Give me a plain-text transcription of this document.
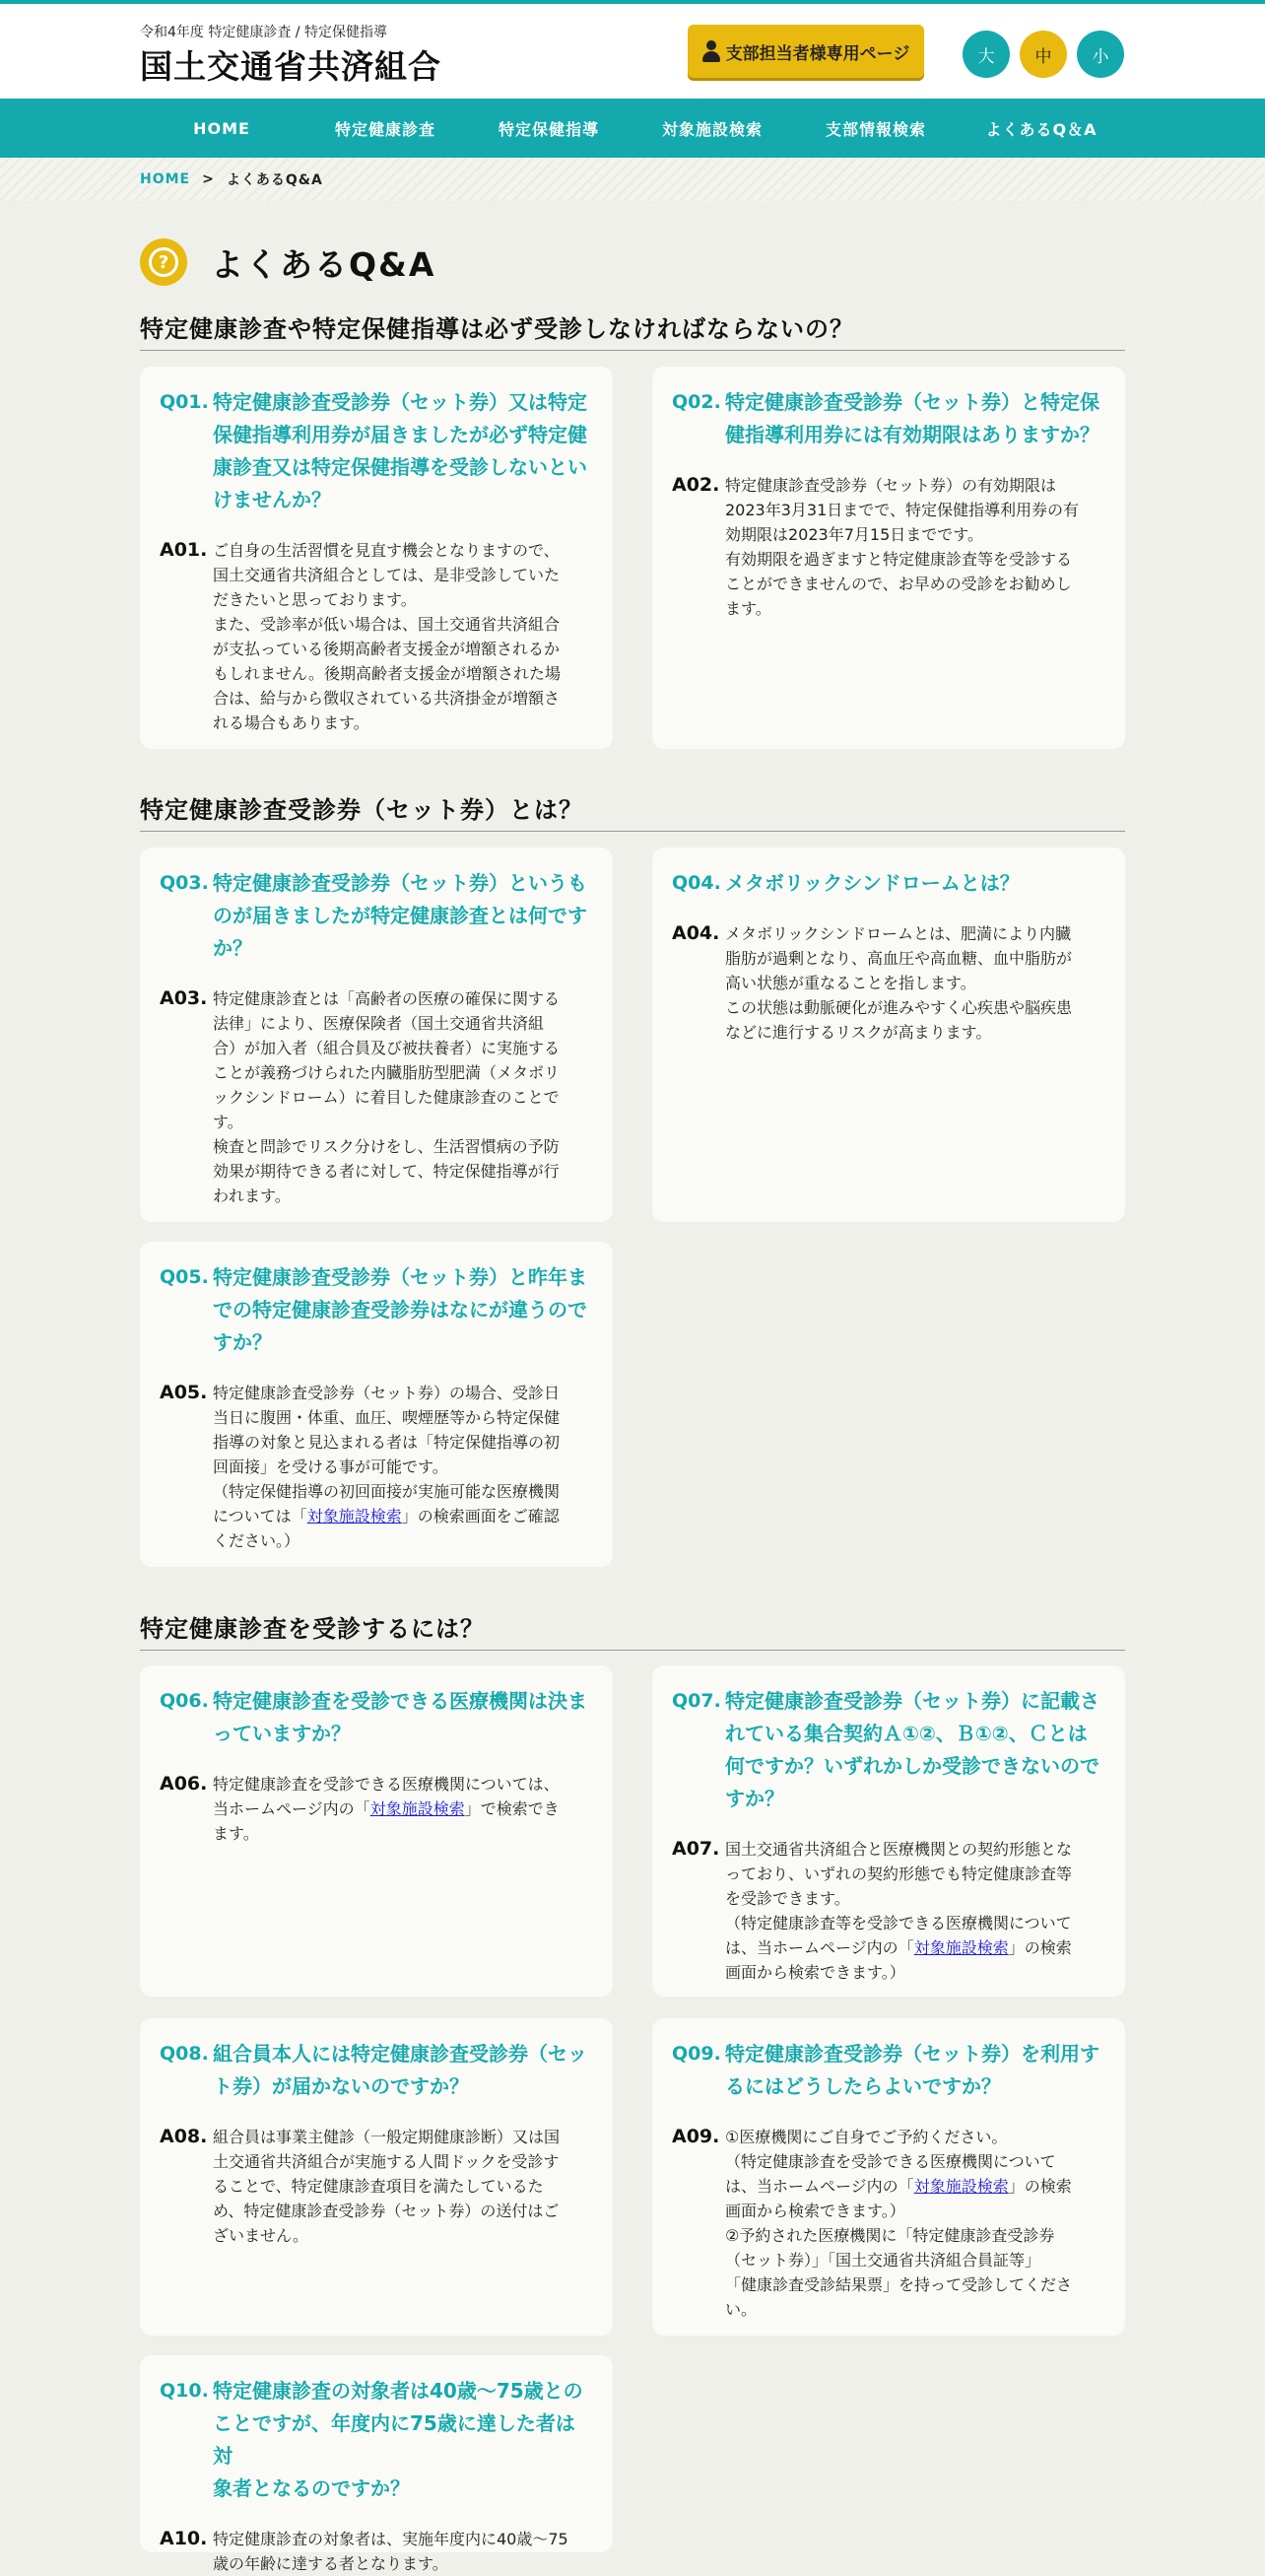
令和4年度 特定健康診査 / 特定保健指導
国土交通省共済組合	支部担当者様専用ページ	大	中	小
HOME	特定健康診査	特定保健指導	対象施設検索	支部情報検索	よくあるQ＆A
HOME > よくあるQ&A
? よくあるQ&A
特定健康診査や特定保健指導は必ず受診しなければならないの？
特定健康診査受診券（セット券）とは？
特定健康診査を受診するには？
Q01. 特定健康診査受診券（セット券）又は特定
保健指導利用券が届きましたが必ず特定健
康診査又は特定保健指導を受診しないとい
けませんか？
A01. ご自身の生活習慣を見直す機会となりますので、

国土交通省共済組合としては、是非受診していた

だきたいと思っております。

また、受診率が低い場合は、国土交通省共済組合

が支払っている後期高齢者支援金が増額されるか

もしれません。後期高齢者支援金が増額された場

合は、給与から徴収されている共済掛金が増額さ

れる場合もあります。

Q02. 特定健康診査受診券（セット券）と特定保
健指導利用券には有効期限はありますか？
A02. 特定健康診査受診券（セット券）の有効期限は

2023年3月31日までで、特定保健指導利用券の有

効期限は2023年7月15日までです。

有効期限を過ぎますと特定健康診査等を受診する

ことができませんので、お早めの受診をお勧めし

ます。

Q03. 特定健康診査受診券（セット券）というも
のが届きましたが特定健康診査とは何です
か？
A03. 特定健康診査とは「高齢者の医療の確保に関する

法律」により、医療保険者（国土交通省共済組

合）が加入者（組合員及び被扶養者）に実施する

ことが義務づけられた内臓脂肪型肥満（メタボリ

ックシンドローム）に着目した健康診査のことで

す。

検査と問診でリスク分けをし、生活習慣病の予防

効果が期待できる者に対して、特定保健指導が行

われます。

Q04. メタボリックシンドロームとは？
A04. メタボリックシンドロームとは、肥満により内臓

脂肪が過剰となり、高血圧や高血糖、血中脂肪が

高い状態が重なることを指します。

この状態は動脈硬化が進みやすく心疾患や脳疾患

などに進行するリスクが高まります。

Q05. 特定健康診査受診券（セット券）と昨年ま
での特定健康診査受診券はなにが違うので
すか？
A05. 特定健康診査受診券（セット券）の場合、受診日

当日に腹囲・体重、血圧、喫煙歴等から特定保健

指導の対象と見込まれる者は「特定保健指導の初

回面接」を受ける事が可能です。

（特定保健指導の初回面接が実施可能な医療機関

については「対象施設検索」の検索画面をご確認

ください。）

Q06. 特定健康診査を受診できる医療機関は決ま
っていますか？
A06. 特定健康診査を受診できる医療機関については、

当ホームページ内の「対象施設検索」で検索でき

ます。

Q07. 特定健康診査受診券（セット券）に記載さ
れている集合契約Ａ①②、Ｂ①②、Ｃとは
何ですか？いずれかしか受診できないので
すか？
A07. 国土交通省共済組合と医療機関との契約形態とな

っており、いずれの契約形態でも特定健康診査等

を受診できます。

（特定健康診査等を受診できる医療機関について

は、当ホームページ内の「対象施設検索」の検索

画面から検索できます。）

Q08. 組合員本人には特定健康診査受診券（セッ
ト券）が届かないのですか？
A08. 組合員は事業主健診（一般定期健康診断）又は国

土交通省共済組合が実施する人間ドックを受診す

ることで、特定健康診査項目を満たしているた

め、特定健康診査受診券（セット券）の送付はご

ざいません。

Q09. 特定健康診査受診券（セット券）を利用す
るにはどうしたらよいですか？
A09. ①医療機関にご自身でご予約ください。

（特定健康診査を受診できる医療機関について

は、当ホームページ内の「対象施設検索」の検索

画面から検索できます。）

②予約された医療機関に「特定健康診査受診券

（セット券）」「国土交通省共済組合員証等」

「健康診査受診結果票」を持って受診してくださ

い。

Q10. 特定健康診査の対象者は40歳〜75歳との
ことですが、年度内に75歳に達した者は対
象者となるのですか？
A10. 特定健康診査の対象者は、実施年度内に40歳〜75

歳の年齢に達する者となります。
